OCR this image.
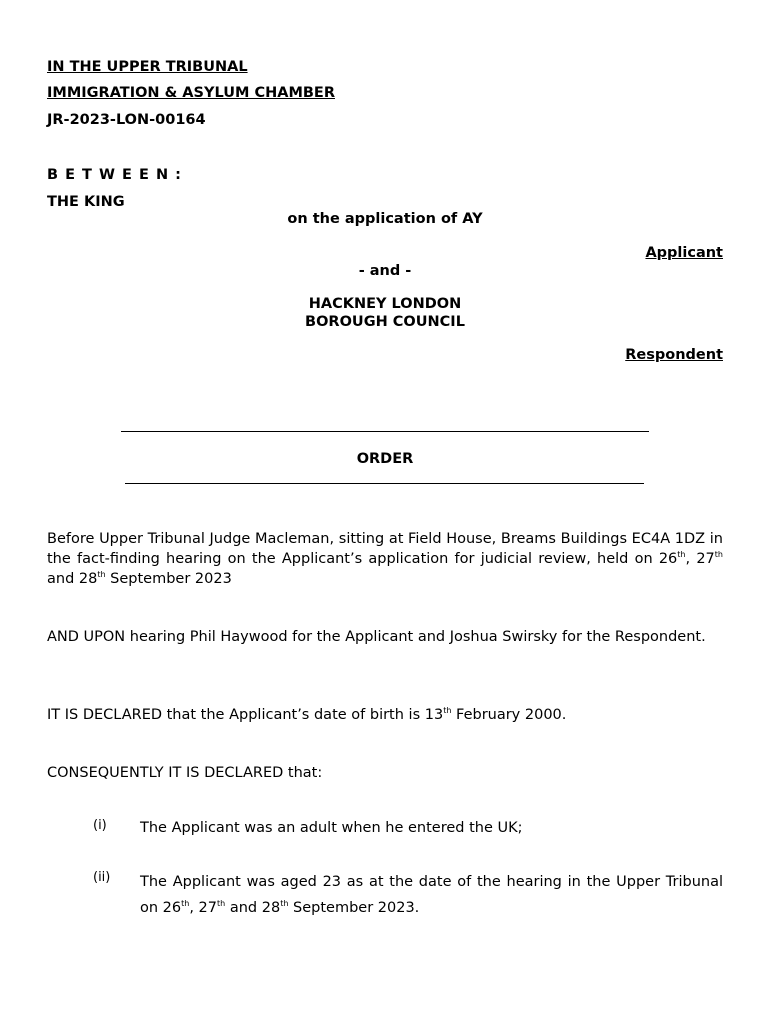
IN THE UPPER TRIBUNAL
IMMIGRATION & ASYLUM CHAMBER
JR-2023-LON-00164
B E T W E E N :
THE KING
on the application of AY
Applicant
- and -
HACKNEY LONDON
BOROUGH COUNCIL
Respondent
ORDER
Before Upper Tribunal Judge Macleman, sitting at Field House, Breams Buildings EC4A 1DZ in the fact-finding hearing on the Applicant’s application for judicial review, held on 26th, 27th and 28th September 2023
AND UPON hearing Phil Haywood for the Applicant and Joshua Swirsky for the Respondent.
IT IS DECLARED that the Applicant’s date of birth is 13th February 2000.
CONSEQUENTLY IT IS DECLARED that:
(i) The Applicant was an adult when he entered the UK;
(ii) The Applicant was aged 23 as at the date of the hearing in the Upper Tribunal on 26th, 27th and 28th September 2023.
